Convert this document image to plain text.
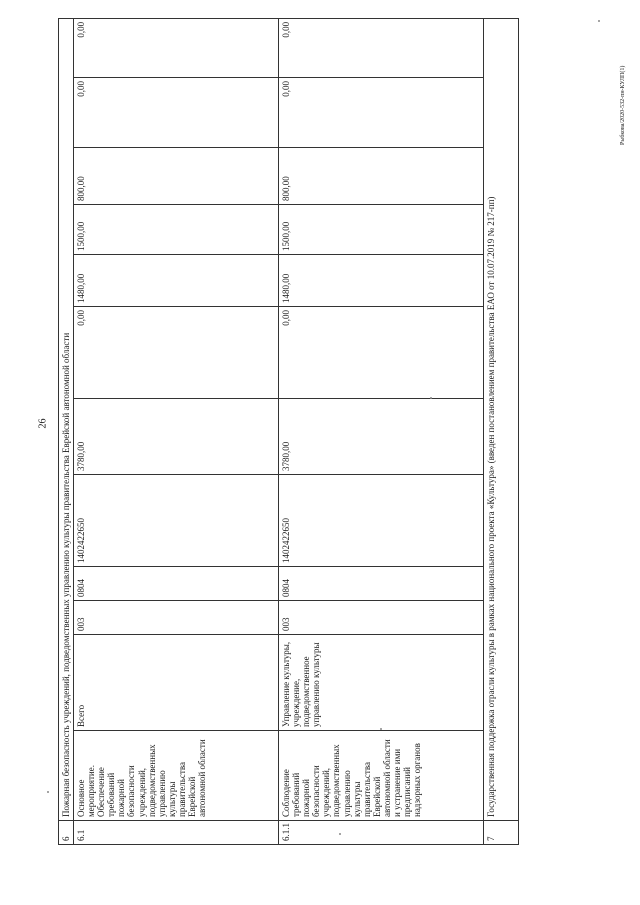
26
Рыбкова/2020-532-пн-КУЛП(1)
6	Пожарная безопасность учреждений, подведомственных управлению культуры правительства Еврейской автономной области											
6.1	Основное мероприятие. Обеспечение требований пожарной безопасности учреждений, подведомственных управлению культуры правительства Еврейской автономной области	Всего	003	0804	1402422650	3780,00	0,00	1480,00	1500,00	800,00	0,00	0,00
6.1.1	Соблюдение требований пожарной безопасности учреждений, подведомственных управлению культуры правительства Еврейской автономной области и устранение ими предписаний надзорных органов	Управление культуры, учреждение, подведомственное управлению культуры	003	0804	1402422650	3780,00	0,00	1480,00	1500,00	800,00	0,00	0,00
7	Государственная поддержка отрасли культуры в рамках национального проекта «Культура» (введен постановлением правительства ЕАО от 10.07.2019 № 217-пп)											
